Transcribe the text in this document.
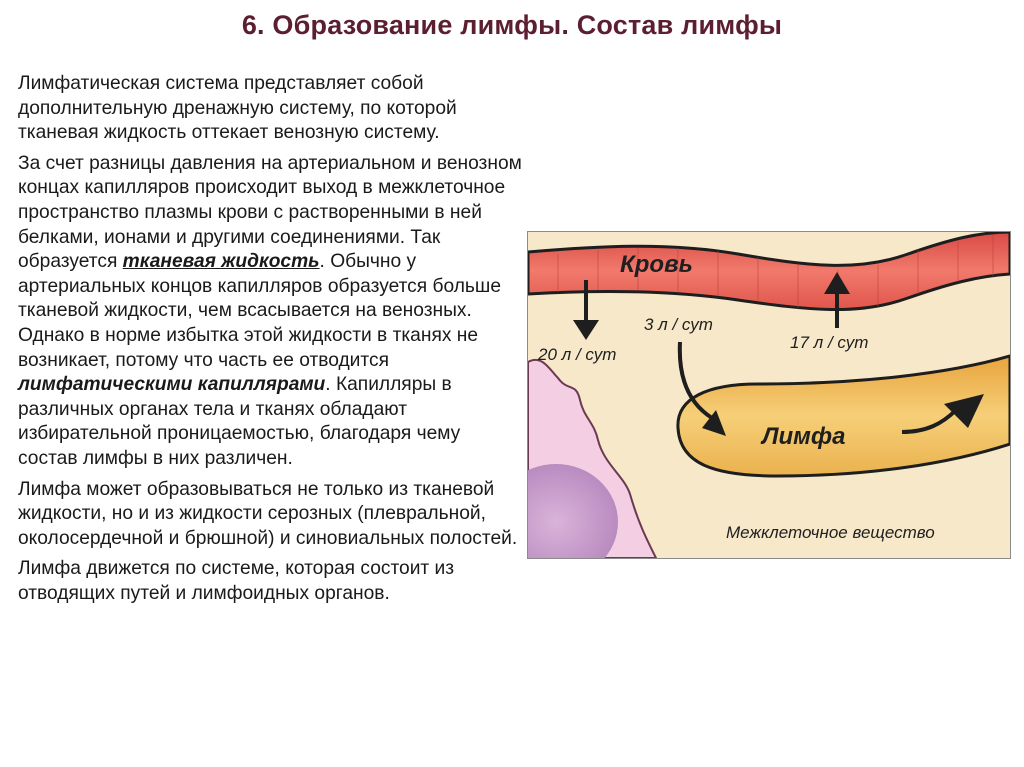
6. Образование лимфы. Состав лимфы

Лимфатическая система представляет собой дополнительную дренажную систему, по которой тканевая жидкость оттекает венозную систему.

За счет разницы давления на артериальном и венозном концах капилляров происходит выход в межклеточное пространство плазмы крови с растворенными в ней белками, ионами и другими соединениями. Так образуется тканевая жидкость. Обычно у артериальных концов капилляров образуется больше тканевой жидкости, чем всасывается на венозных. Однако в норме избытка этой жидкости в тканях не возникает, потому что часть ее отводится лимфатическими капиллярами. Капилляры в различных органах тела и тканях обладают избирательной проницаемостью, благодаря чему состав лимфы в них различен.

Лимфа может образовываться не только из тканевой жидкости, но и из жидкости серозных (плевральной, околосердечной и брюшной) и синовиальных полостей.

Лимфа движется по системе, которая состоит из отводящих путей и лимфоидных органов.

Кровь
20 л / сут
3 л / сут
17 л / сут
Лимфа
Межклеточное вещество
